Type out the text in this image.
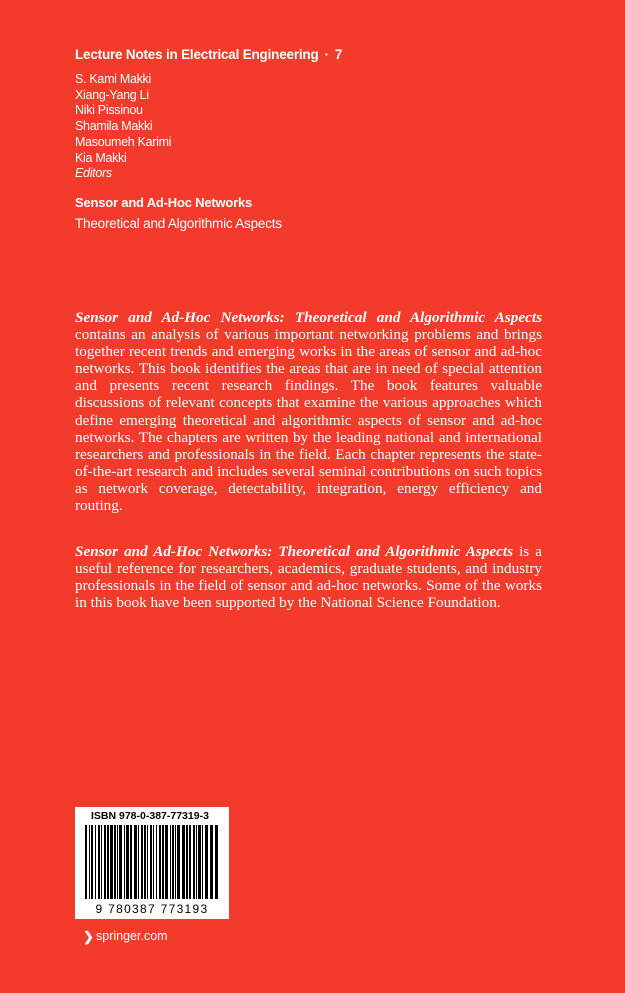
Lecture Notes in Electrical Engineering · 7
S. Kami Makki
Xiang-Yang Li
Niki Pissinou
Shamila Makki
Masoumeh Karimi
Kia Makki
Editors
Sensor and Ad-Hoc Networks
Theoretical and Algorithmic Aspects
Sensor and Ad-Hoc Networks: Theoretical and Algorithmic Aspects contains an analysis of various important networking problems and brings together recent trends and emerging works in the areas of sensor and ad-hoc networks. This book identifies the areas that are in need of special attention and presents recent research findings. The book features valuable discussions of relevant concepts that examine the various approaches which define emerging theoretical and algorithmic aspects of sensor and ad-hoc networks. The chapters are written by the leading national and international researchers and professionals in the field. Each chapter represents the state-of-the-art research and includes several seminal contributions on such topics as network coverage, detectability, integration, energy efficiency and routing.
Sensor and Ad-Hoc Networks: Theoretical and Algorithmic Aspects is a useful reference for researchers, academics, graduate students, and industry professionals in the field of sensor and ad-hoc networks. Some of the works in this book have been supported by the National Science Foundation.
ISBN 978-0-387-77319-3
9 780387 773193
❯ springer.com
